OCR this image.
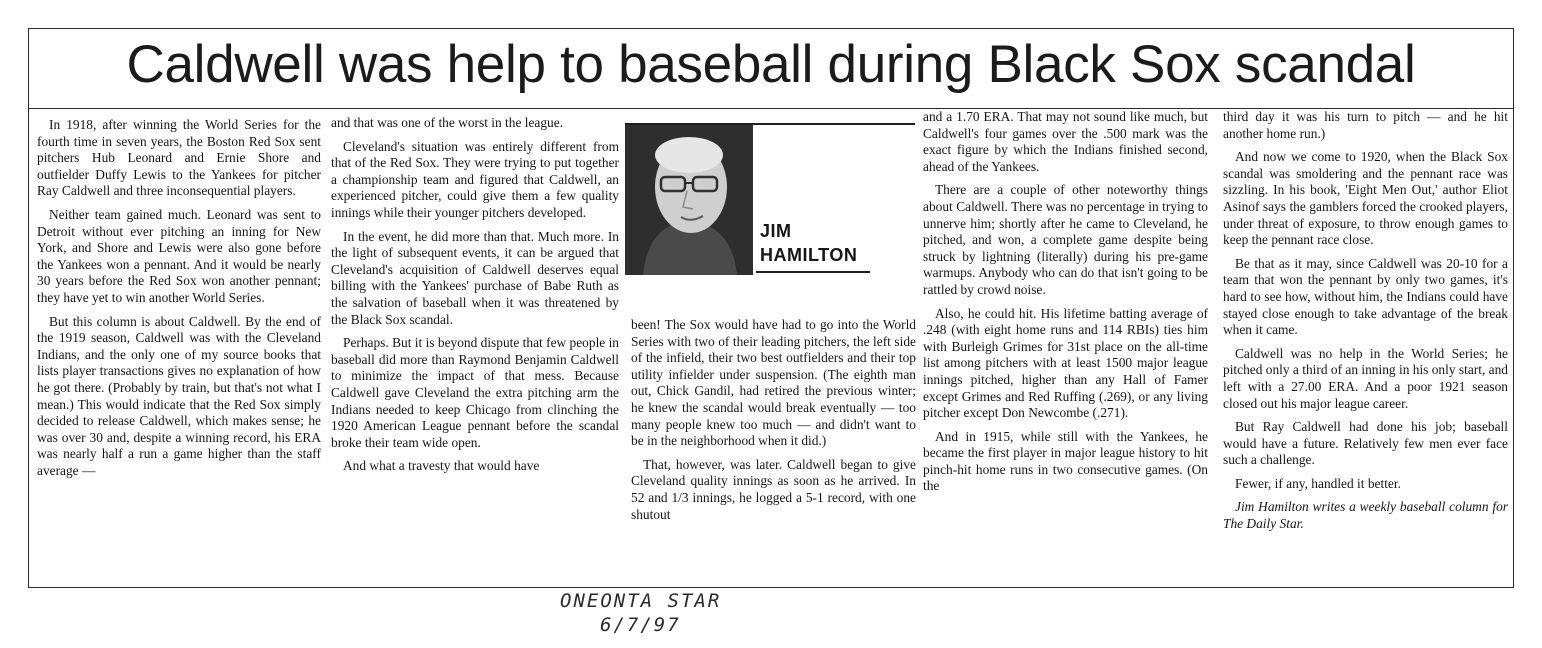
Caldwell was help to baseball during Black Sox scandal

In 1918, after winning the World Series for the fourth time in seven years, the Boston Red Sox sent pitchers Hub Leonard and Ernie Shore and outfielder Duffy Lewis to the Yankees for pitcher Ray Caldwell and three inconsequential players.

Neither team gained much. Leonard was sent to Detroit without ever pitching an inning for New York, and Shore and Lewis were also gone before the Yankees won a pennant. And it would be nearly 30 years before the Red Sox won another pennant; they have yet to win another World Series.

But this column is about Caldwell. By the end of the 1919 season, Caldwell was with the Cleveland Indians, and the only one of my source books that lists player transactions gives no explanation of how he got there. (Probably by train, but that's not what I mean.) This would indicate that the Red Sox simply decided to release Caldwell, which makes sense; he was over 30 and, despite a winning record, his ERA was nearly half a run a game higher than the staff average —

and that was one of the worst in the league.

Cleveland's situation was entirely different from that of the Red Sox. They were trying to put together a championship team and figured that Caldwell, an experienced pitcher, could give them a few quality innings while their younger pitchers developed.

In the event, he did more than that. Much more. In the light of subsequent events, it can be argued that Cleveland's acquisition of Caldwell deserves equal billing with the Yankees' purchase of Babe Ruth as the salvation of baseball when it was threatened by the Black Sox scandal.

Perhaps. But it is beyond dispute that few people in baseball did more than Raymond Benjamin Caldwell to minimize the impact of that mess. Because Caldwell gave Cleveland the extra pitching arm the Indians needed to keep Chicago from clinching the 1920 American League pennant before the scandal broke their team wide open.

And what a travesty that would have

JIM
HAMILTON

been! The Sox would have had to go into the World Series with two of their leading pitchers, the left side of the infield, their two best outfielders and their top utility infielder under suspension. (The eighth man out, Chick Gandil, had retired the previous winter; he knew the scandal would break eventually — too many people knew too much — and didn't want to be in the neighborhood when it did.)

That, however, was later. Caldwell began to give Cleveland quality innings as soon as he arrived. In 52 and 1/3 innings, he logged a 5-1 record, with one shutout

and a 1.70 ERA. That may not sound like much, but Caldwell's four games over the .500 mark was the exact figure by which the Indians finished second, ahead of the Yankees.

There are a couple of other noteworthy things about Caldwell. There was no percentage in trying to unnerve him; shortly after he came to Cleveland, he pitched, and won, a complete game despite being struck by lightning (literally) during his pre-game warmups. Anybody who can do that isn't going to be rattled by crowd noise.

Also, he could hit. His lifetime batting average of .248 (with eight home runs and 114 RBIs) ties him with Burleigh Grimes for 31st place on the all-time list among pitchers with at least 1500 major league innings pitched, higher than any Hall of Famer except Grimes and Red Ruffing (.269), or any living pitcher except Don Newcombe (.271).

And in 1915, while still with the Yankees, he became the first player in major league history to hit pinch-hit home runs in two consecutive games. (On the

third day it was his turn to pitch — and he hit another home run.)

And now we come to 1920, when the Black Sox scandal was smoldering and the pennant race was sizzling. In his book, 'Eight Men Out,' author Eliot Asinof says the gamblers forced the crooked players, under threat of exposure, to throw enough games to keep the pennant race close.

Be that as it may, since Caldwell was 20-10 for a team that won the pennant by only two games, it's hard to see how, without him, the Indians could have stayed close enough to take advantage of the break when it came.

Caldwell was no help in the World Series; he pitched only a third of an inning in his only start, and left with a 27.00 ERA. And a poor 1921 season closed out his major league career.

But Ray Caldwell had done his job; baseball would have a future. Relatively few men ever face such a challenge.

Fewer, if any, handled it better.

Jim Hamilton writes a weekly baseball column for The Daily Star.

ONEONTA STAR
6/7/97
